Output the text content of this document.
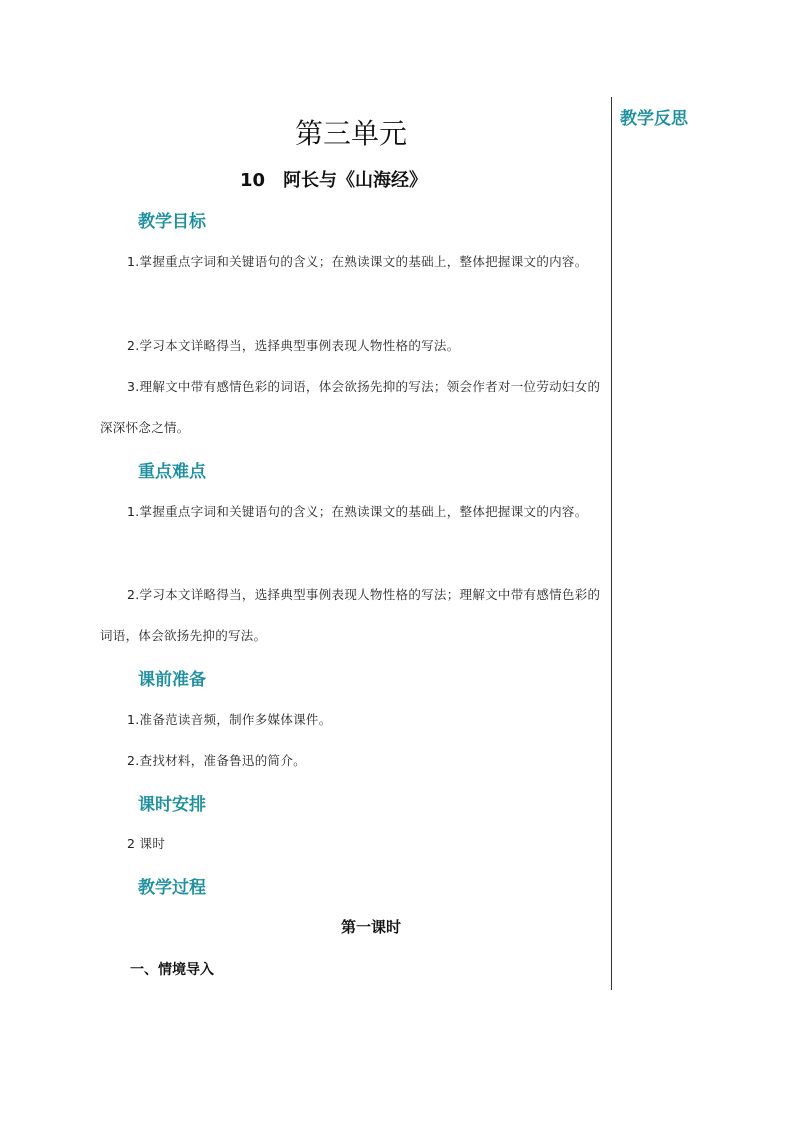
教学反思
第三单元
10 阿长与《山海经》
教学目标
1.掌握重点字词和关键语句的含义；在熟读课文的基础上，整体把握课文的内容。
2.学习本文详略得当，选择典型事例表现人物性格的写法。
3.理解文中带有感情色彩的词语，体会欲扬先抑的写法；领会作者对一位劳动妇女的深深怀念之情。
重点难点
1.掌握重点字词和关键语句的含义；在熟读课文的基础上，整体把握课文的内容。
2.学习本文详略得当，选择典型事例表现人物性格的写法；理解文中带有感情色彩的词语，体会欲扬先抑的写法。
课前准备
1.准备范读音频，制作多媒体课件。
2.查找材料，准备鲁迅的简介。
课时安排
2 课时
教学过程
第一课时
一、情境导入
